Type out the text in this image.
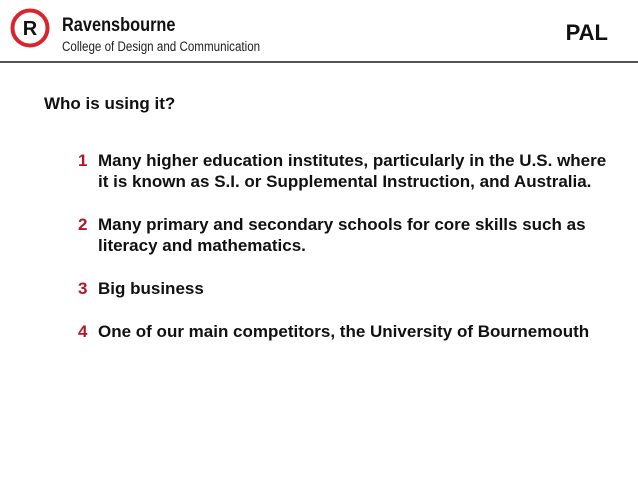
R Ravensbourne
College of Design and Communication
PAL
Who is using it?
1 Many higher education institutes, particularly in the U.S. where it is known as S.I. or Supplemental Instruction, and Australia.
2 Many primary and secondary schools for core skills such as literacy and mathematics.
3 Big business
4 One of our main competitors, the University of Bournemouth
